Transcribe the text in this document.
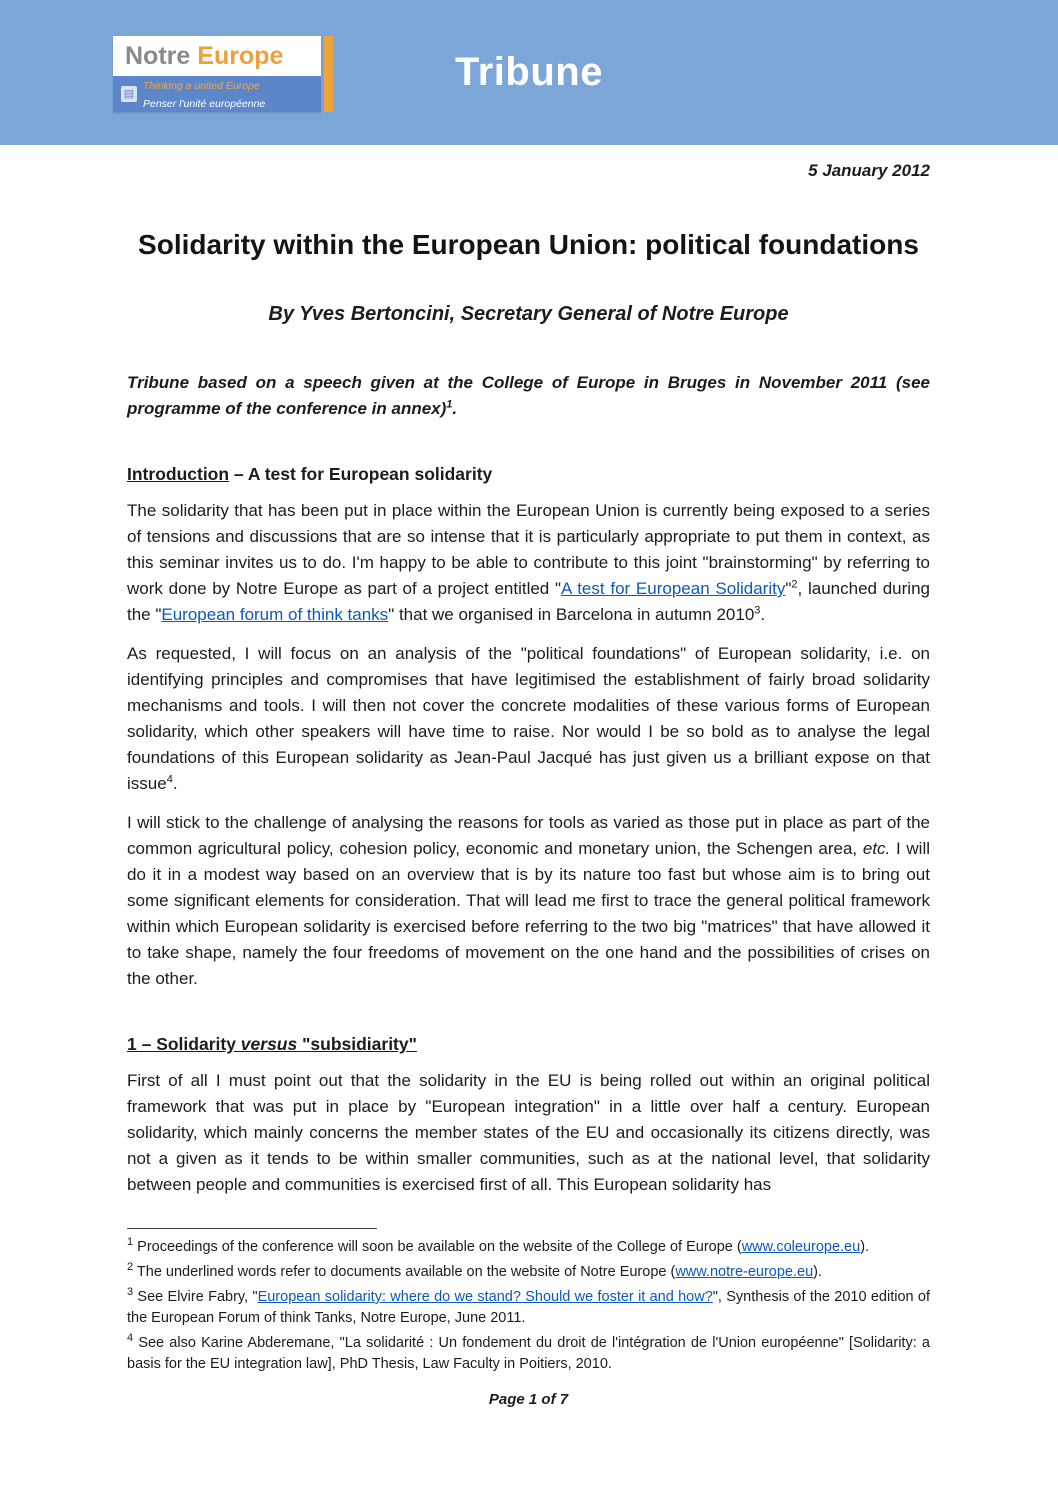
Notre Europe
▤
Thinking a united Europe
Penser l'unité européenne
Tribune
5 January 2012
Solidarity within the European Union: political foundations
By Yves Bertoncini, Secretary General of Notre Europe

Tribune based on a speech given at the College of Europe in Bruges in November 2011 (see programme of the conference in annex)$^1$.

Introduction – A test for European solidarity

The solidarity that has been put in place within the European Union is currently being exposed to a series of tensions and discussions that are so intense that it is particularly appropriate to put them in context, as this seminar invites us to do. I'm happy to be able to contribute to this joint "brainstorming" by referring to work done by Notre Europe as part of a project entitled "A test for European Solidarity"$^2$, launched during the "European forum of think tanks" that we organised in Barcelona in autumn 2010$^3$.

As requested, I will focus on an analysis of the "political foundations" of European solidarity, i.e. on identifying principles and compromises that have legitimised the establishment of fairly broad solidarity mechanisms and tools. I will then not cover the concrete modalities of these various forms of European solidarity, which other speakers will have time to raise. Nor would I be so bold as to analyse the legal foundations of this European solidarity as Jean-Paul Jacqué has just given us a brilliant expose on that issue$^4$.

I will stick to the challenge of analysing the reasons for tools as varied as those put in place as part of the common agricultural policy, cohesion policy, economic and monetary union, the Schengen area, etc. I will do it in a modest way based on an overview that is by its nature too fast but whose aim is to bring out some significant elements for consideration. That will lead me first to trace the general political framework within which European solidarity is exercised before referring to the two big "matrices" that have allowed it to take shape, namely the four freedoms of movement on the one hand and the possibilities of crises on the other.

1 – Solidarity versus "subsidiarity"

First of all I must point out that the solidarity in the EU is being rolled out within an original political framework that was put in place by "European integration" in a little over half a century. European solidarity, which mainly concerns the member states of the EU and occasionally its citizens directly, was not a given as it tends to be within smaller communities, such as at the national level, that solidarity between people and communities is exercised first of all. This European solidarity has

$^1$ Proceedings of the conference will soon be available on the website of the College of Europe (www.coleurope.eu).

$^2$ The underlined words refer to documents available on the website of Notre Europe (www.notre-europe.eu).

$^3$ See Elvire Fabry, "European solidarity: where do we stand? Should we foster it and how?", Synthesis of the 2010 edition of the European Forum of think Tanks, Notre Europe, June 2011.

$^4$ See also Karine Abderemane, "La solidarité : Un fondement du droit de l'intégration de l'Union européenne" [Solidarity: a basis for the EU integration law], PhD Thesis, Law Faculty in Poitiers, 2010.

Page 1 of 7
